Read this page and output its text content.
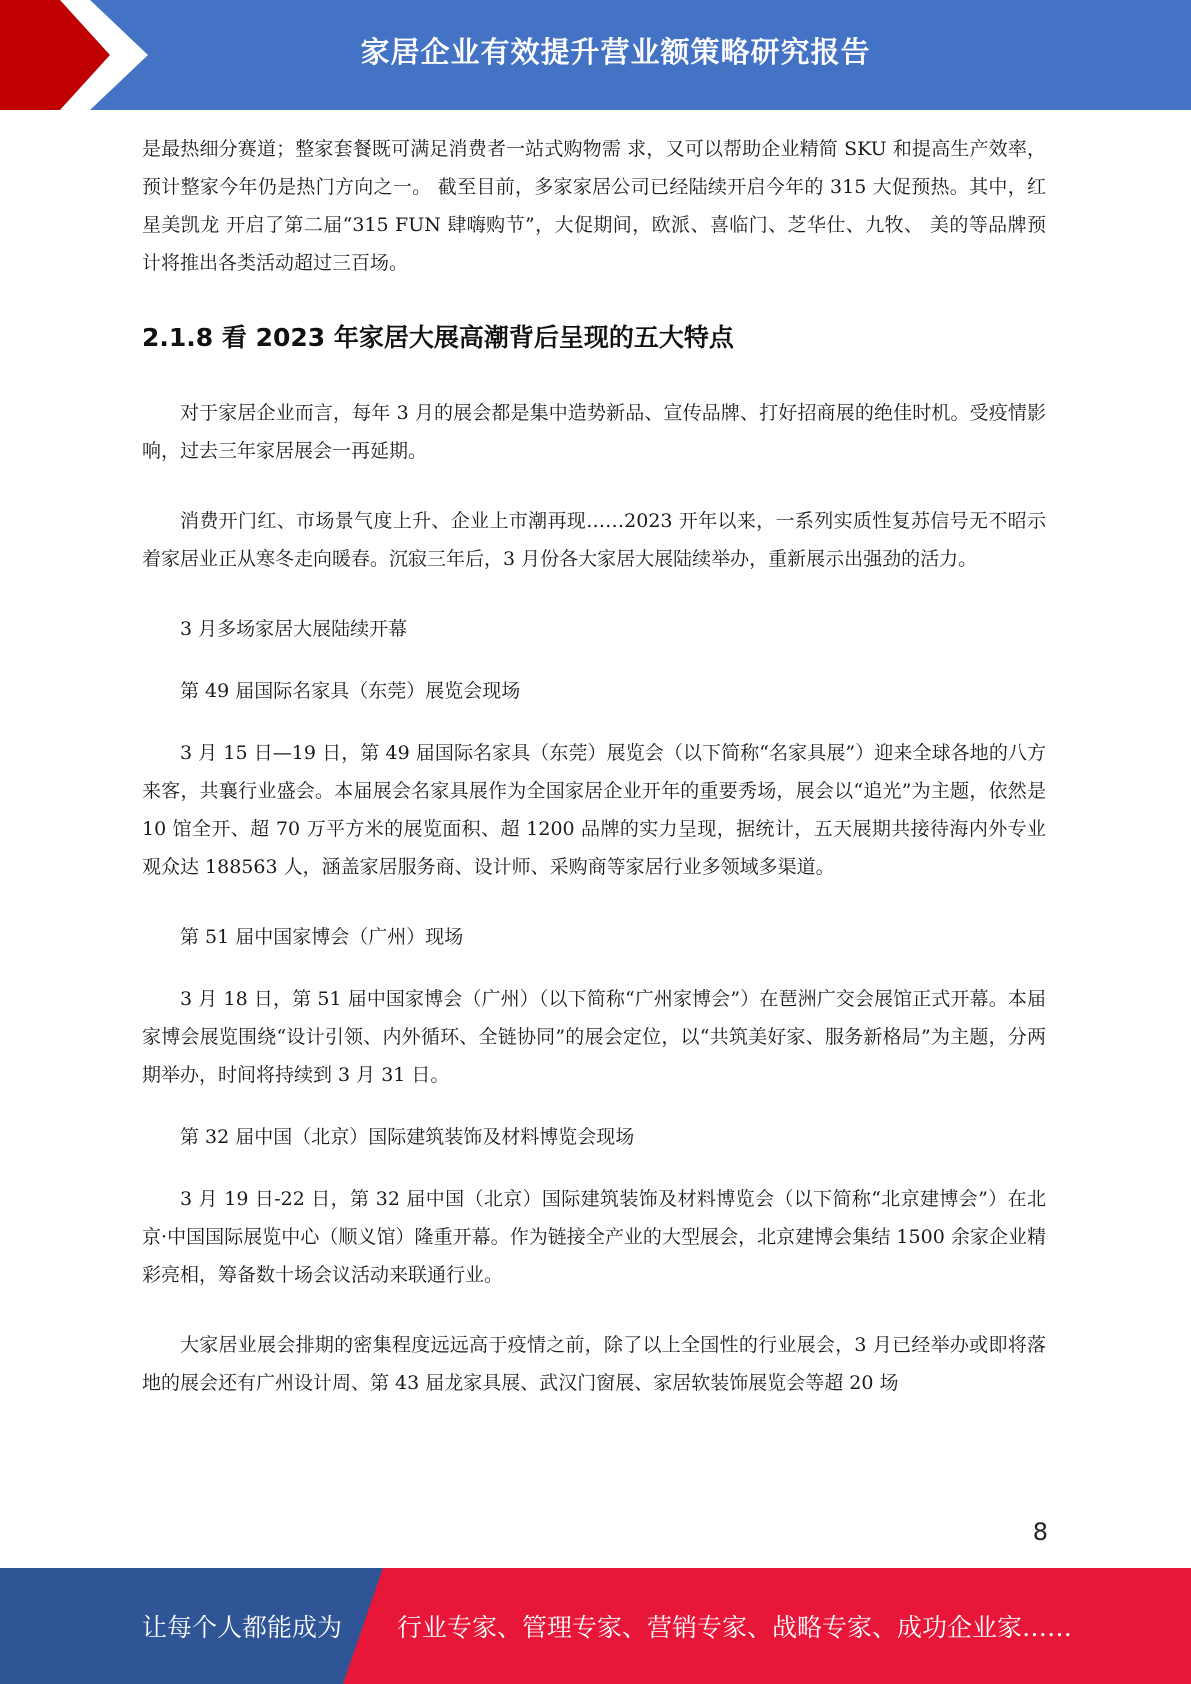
家居企业有效提升营业额策略研究报告

是最热细分赛道；整家套餐既可满足消费者一站式购物需 求，又可以帮助企业精简 SKU 和提高生产效率，预计整家今年仍是热门方向之一。 截至目前，多家家居公司已经陆续开启今年的 315 大促预热。其中，红星美凯龙 开启了第二届“315 FUN 肆嗨购节”，大促期间，欧派、喜临门、芝华仕、九牧、 美的等品牌预计将推出各类活动超过三百场。

2.1.8 看 2023 年家居大展高潮背后呈现的五大特点

对于家居企业而言，每年 3 月的展会都是集中造势新品、宣传品牌、打好招商展的绝佳时机。受疫情影响，过去三年家居展会一再延期。

消费开门红、市场景气度上升、企业上市潮再现……2023 开年以来，一系列实质性复苏信号无不昭示着家居业正从寒冬走向暖春。沉寂三年后，3 月份各大家居大展陆续举办，重新展示出强劲的活力。

3 月多场家居大展陆续开幕

第 49 届国际名家具（东莞）展览会现场

3 月 15 日—19 日，第 49 届国际名家具（东莞）展览会（以下简称“名家具展”）迎来全球各地的八方来客，共襄行业盛会。本届展会名家具展作为全国家居企业开年的重要秀场，展会以“追光”为主题，依然是 10 馆全开、超 70 万平方米的展览面积、超 1200 品牌的实力呈现，据统计，五天展期共接待海内外专业观众达 188563 人，涵盖家居服务商、设计师、采购商等家居行业多领域多渠道。

第 51 届中国家博会（广州）现场

3 月 18 日，第 51 届中国家博会（广州）（以下简称“广州家博会”）在琶洲广交会展馆正式开幕。本届家博会展览围绕“设计引领、内外循环、全链协同”的展会定位，以“共筑美好家、服务新格局”为主题，分两期举办，时间将持续到 3 月 31 日。

第 32 届中国（北京）国际建筑装饰及材料博览会现场

3 月 19 日-22 日，第 32 届中国（北京）国际建筑装饰及材料博览会（以下简称“北京建博会”）在北京·中国国际展览中心（顺义馆）隆重开幕。作为链接全产业的大型展会，北京建博会集结 1500 余家企业精彩亮相，筹备数十场会议活动来联通行业。

大家居业展会排期的密集程度远远高于疫情之前，除了以上全国性的行业展会，3 月已经举办或即将落地的展会还有广州设计周、第 43 届龙家具展、武汉门窗展、家居软装饰展览会等超 20 场

8
让每个人都能成为 行业专家、管理专家、营销专家、战略专家、成功企业家……
